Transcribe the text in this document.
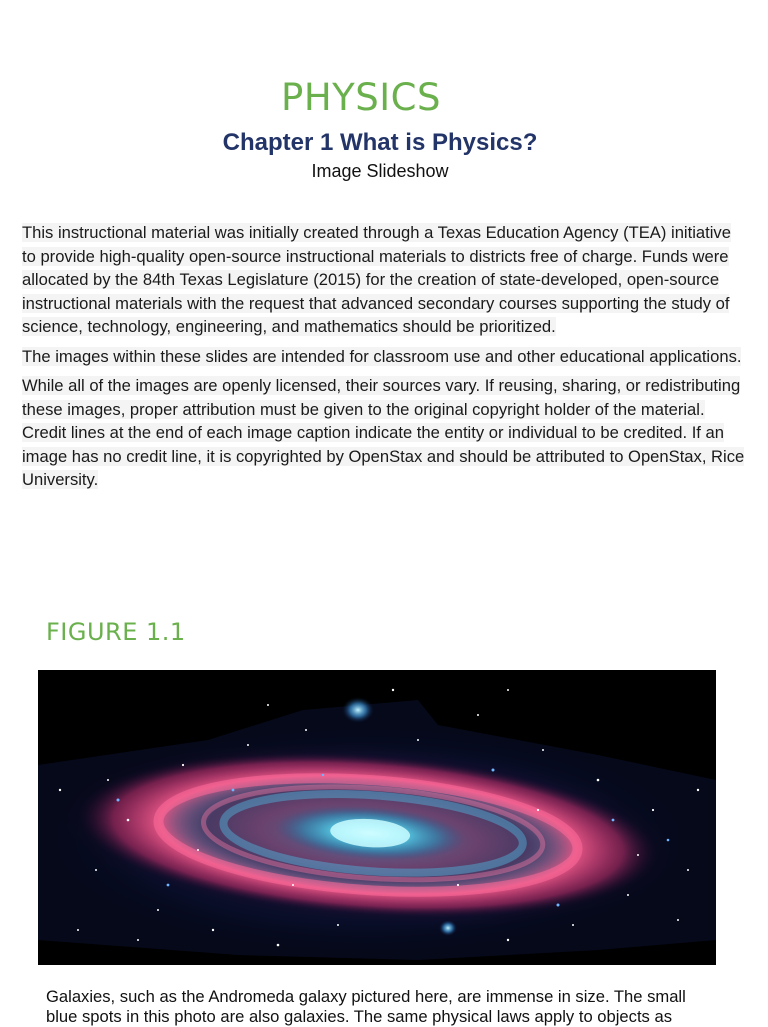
PHYSICS
Chapter 1 What is Physics?
Image Slideshow

This instructional material was initially created through a Texas Education Agency (TEA) initiative to provide high-quality open-source instructional materials to districts free of charge. Funds were allocated by the 84th Texas Legislature (2015) for the creation of state-developed, open-source instructional materials with the request that advanced secondary courses supporting the study of science, technology, engineering, and mathematics should be prioritized.

The images within these slides are intended for classroom use and other educational applications.

While all of the images are openly licensed, their sources vary. If reusing, sharing, or redistributing these images, proper attribution must be given to the original copyright holder of the material. Credit lines at the end of each image caption indicate the entity or individual to be credited. If an image has no credit line, it is copyrighted by OpenStax and should be attributed to OpenStax, Rice University.

FIGURE 1.1

Galaxies, such as the Andromeda galaxy pictured here, are immense in size. The small blue spots in this photo are also galaxies. The same physical laws apply to objects as
